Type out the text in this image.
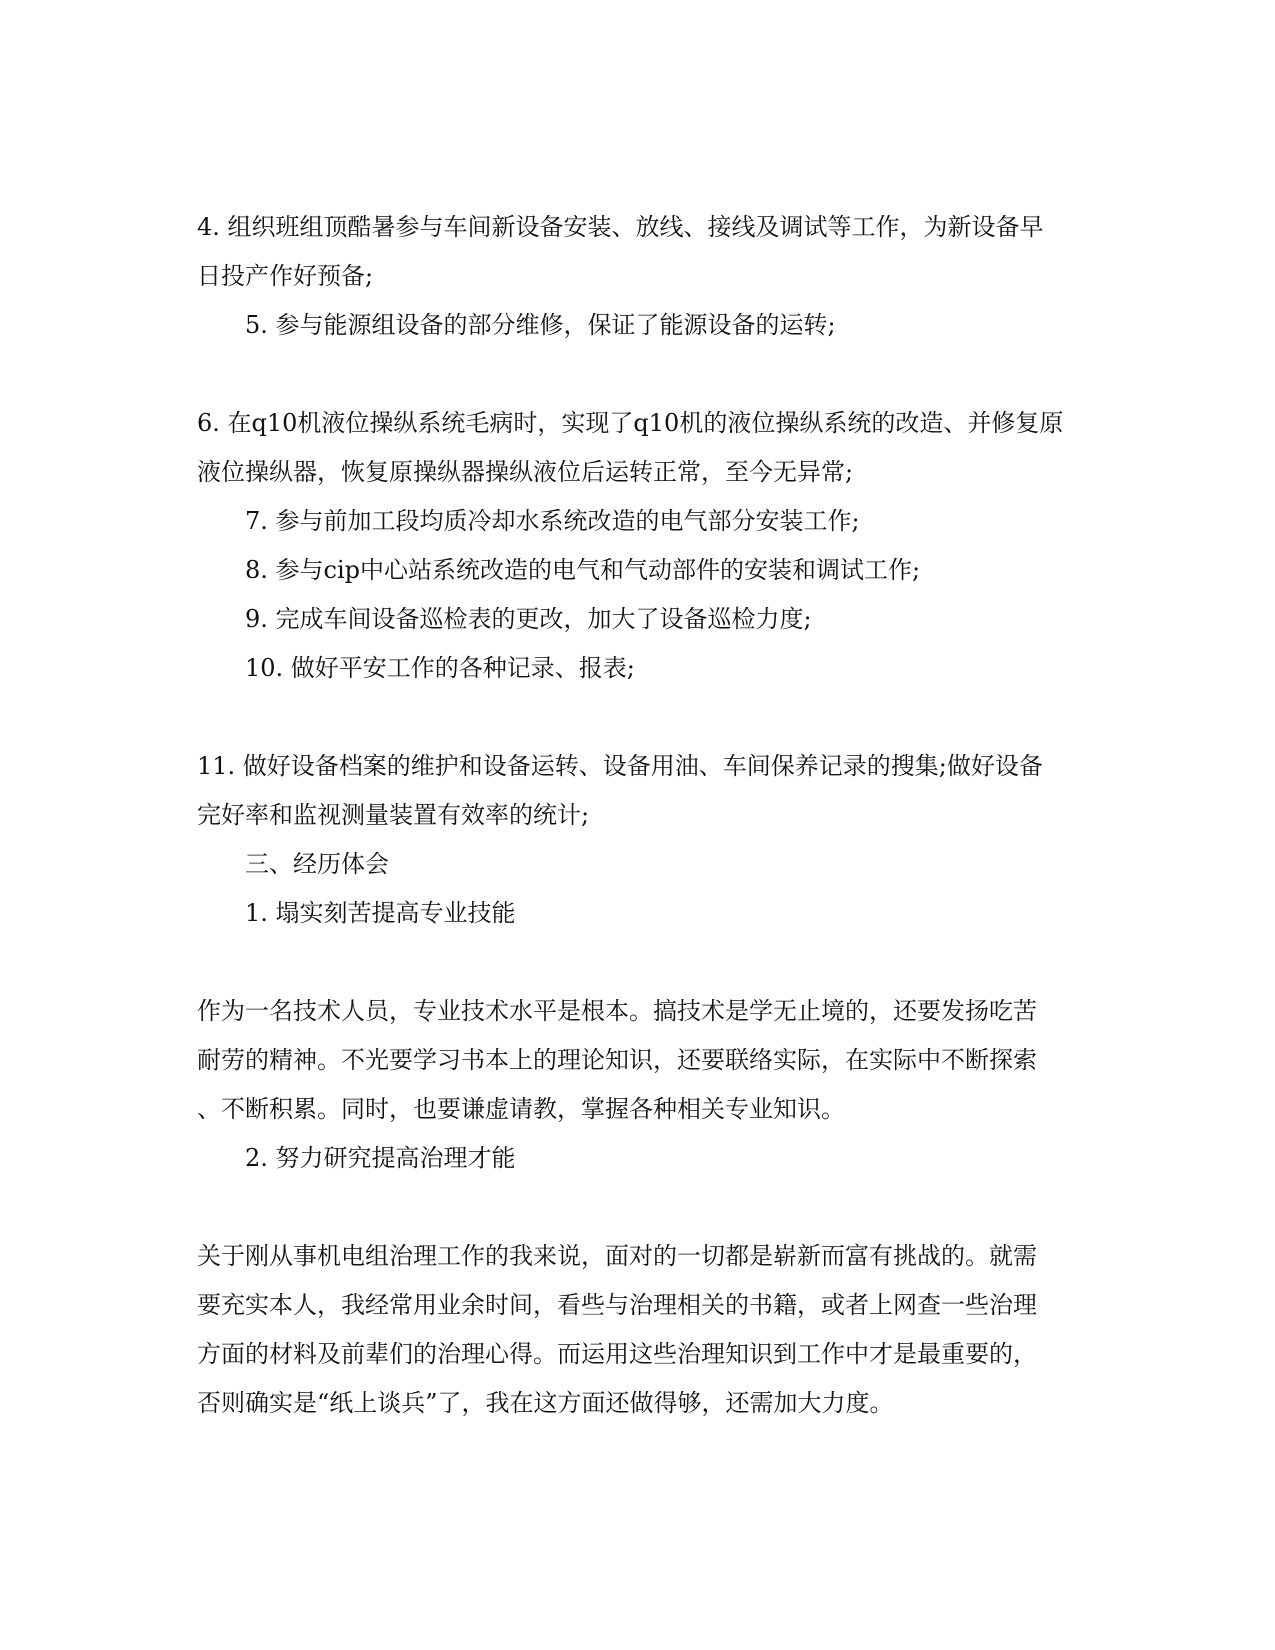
4. 组织班组顶酷暑参与车间新设备安装、放线、接线及调试等工作，为新设备早
日投产作好预备;
5. 参与能源组设备的部分维修，保证了能源设备的运转;
6. 在q10机液位操纵系统毛病时，实现了q10机的液位操纵系统的改造、并修复原
液位操纵器，恢复原操纵器操纵液位后运转正常，至今无异常;
7. 参与前加工段均质冷却水系统改造的电气部分安装工作;
8. 参与cip中心站系统改造的电气和气动部件的安装和调试工作;
9. 完成车间设备巡检表的更改，加大了设备巡检力度;
10. 做好平安工作的各种记录、报表;
11. 做好设备档案的维护和设备运转、设备用油、车间保养记录的搜集;做好设备
完好率和监视测量装置有效率的统计;
三、经历体会
1. 塌实刻苦提高专业技能
作为一名技术人员，专业技术水平是根本。搞技术是学无止境的，还要发扬吃苦
耐劳的精神。不光要学习书本上的理论知识，还要联络实际，在实际中不断探索
、不断积累。同时，也要谦虚请教，掌握各种相关专业知识。
2. 努力研究提高治理才能
关于刚从事机电组治理工作的我来说，面对的一切都是崭新而富有挑战的。就需
要充实本人，我经常用业余时间，看些与治理相关的书籍，或者上网查一些治理
方面的材料及前辈们的治理心得。而运用这些治理知识到工作中才是最重要的，
否则确实是“纸上谈兵”了，我在这方面还做得够，还需加大力度。
